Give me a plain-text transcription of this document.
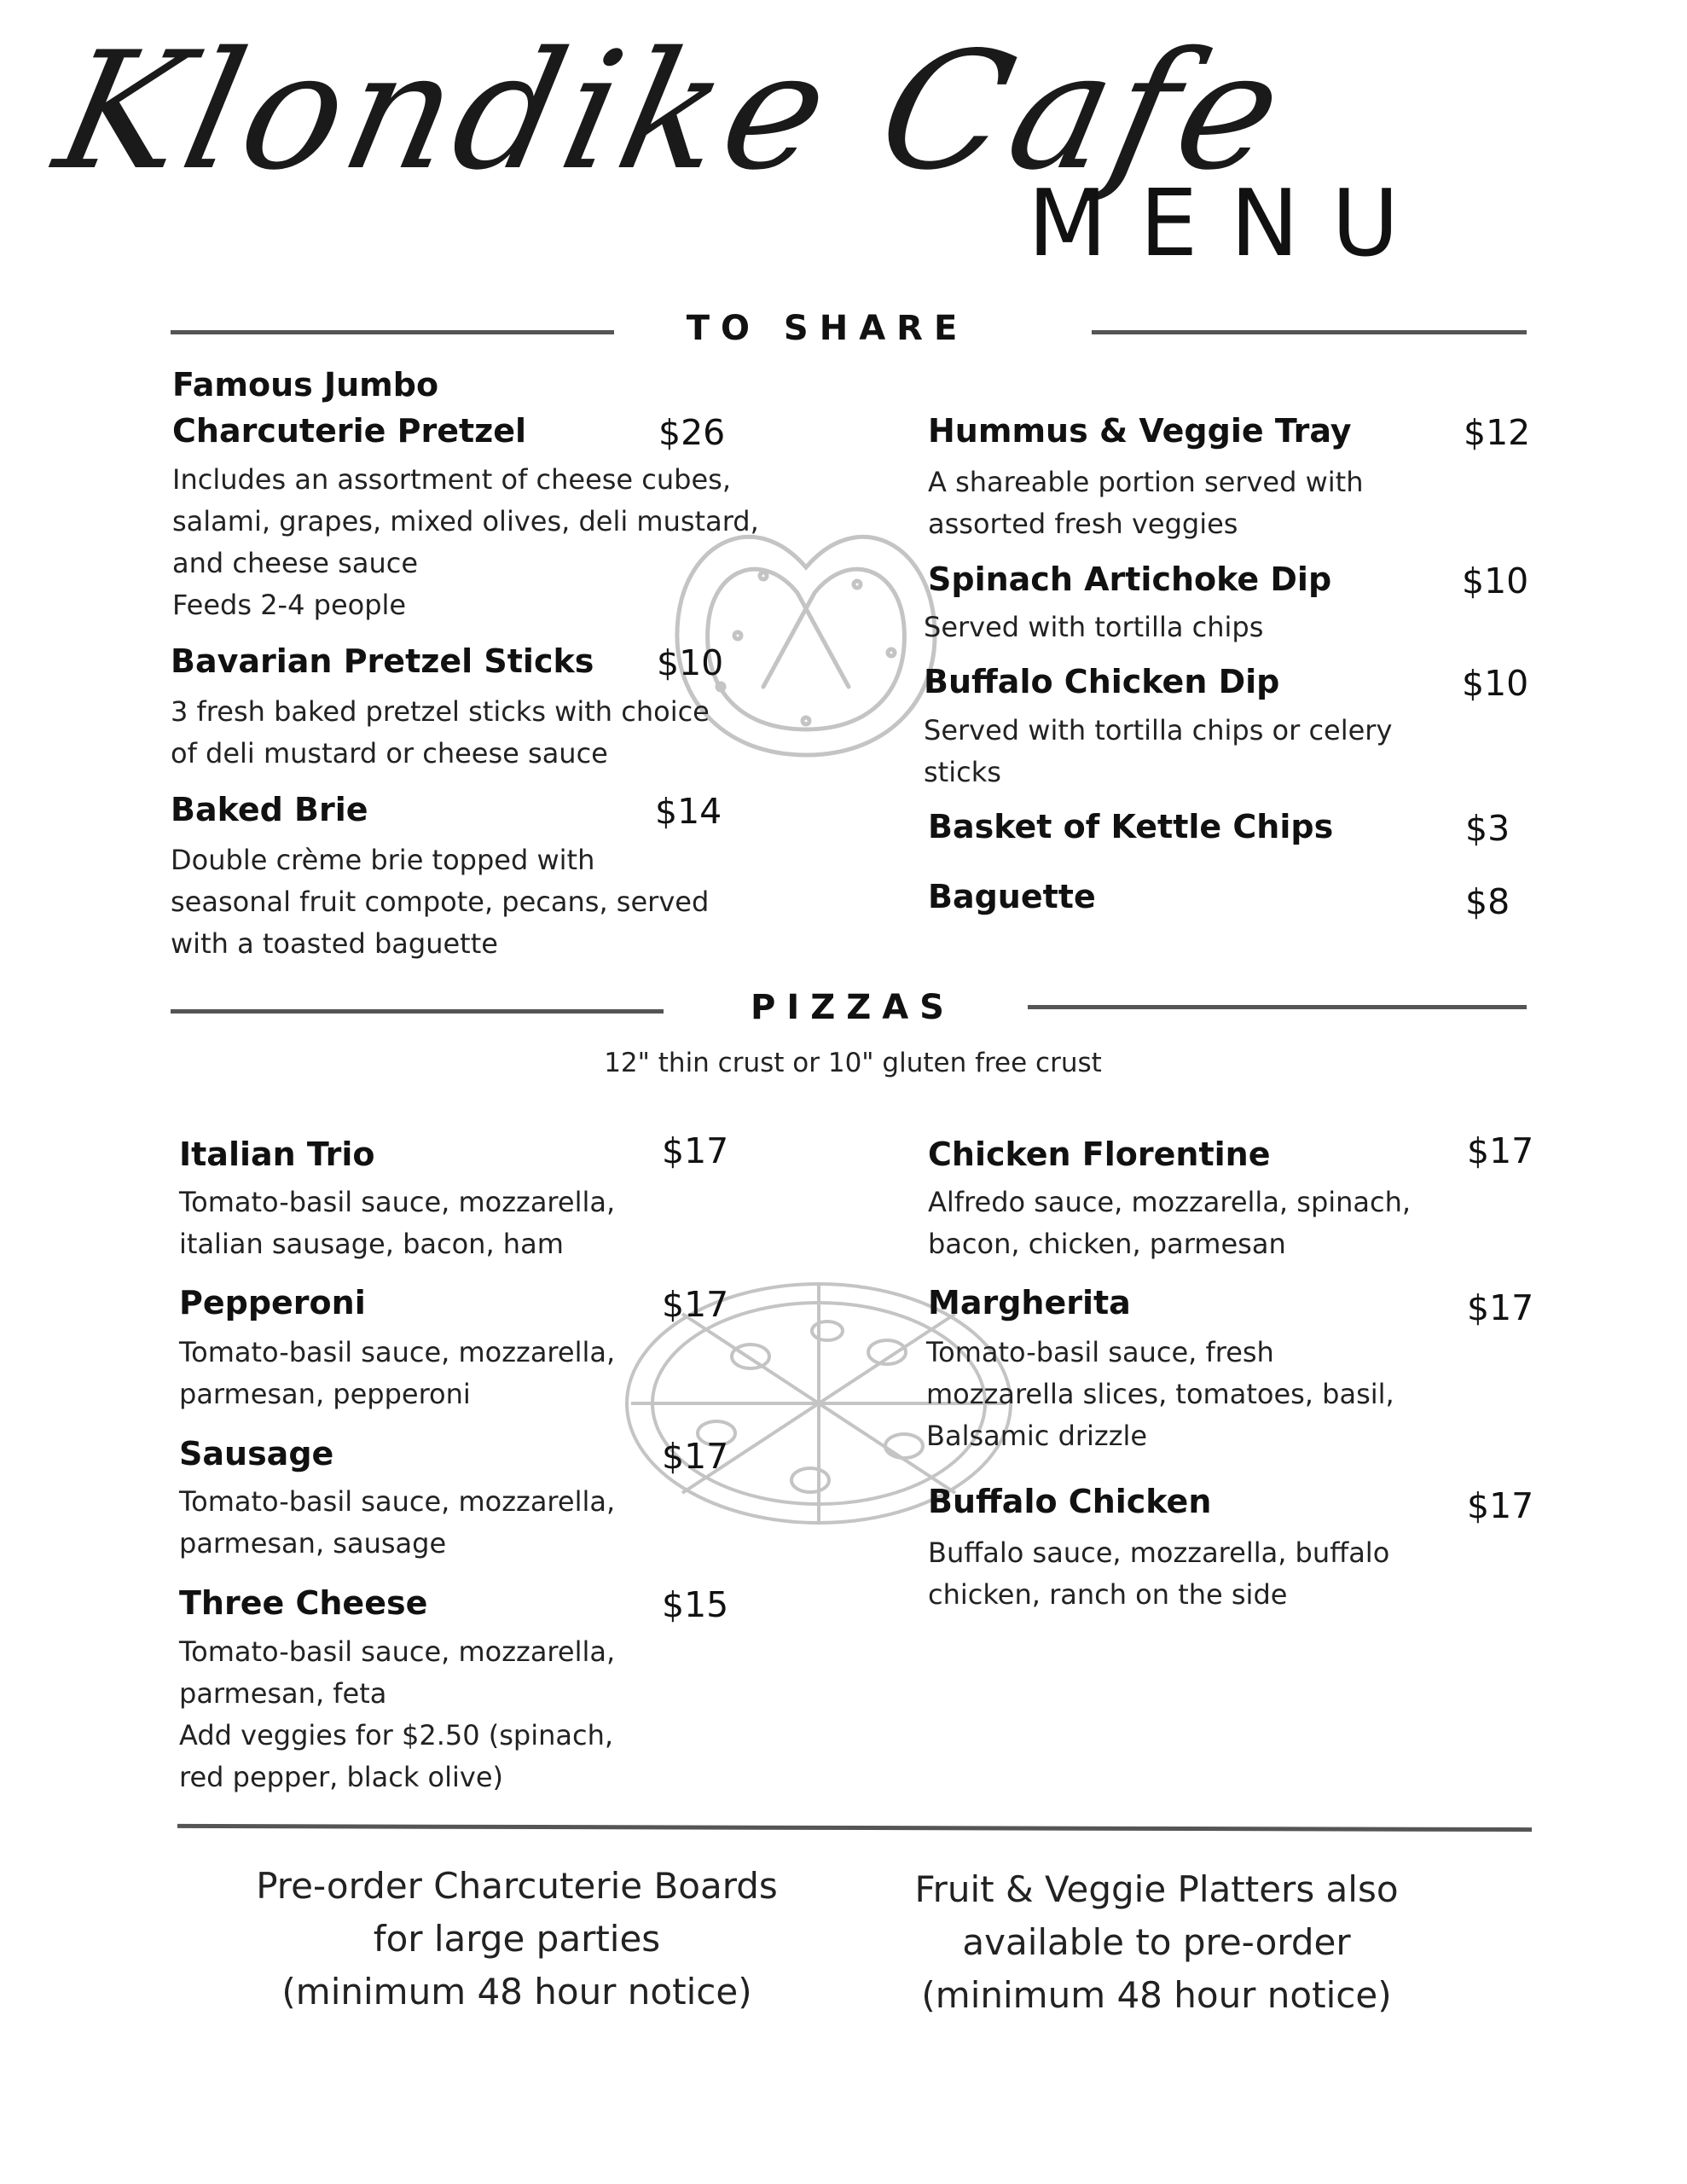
Klondike Cafe
MENU
TO SHARE
Famous Jumbo
Charcuterie Pretzel	$26
Includes an assortment of cheese cubes,
salami, grapes, mixed olives, deli mustard,
and cheese sauce
Feeds 2-4 people
Bavarian Pretzel Sticks $10
3 fresh baked pretzel sticks with choice
of deli mustard or cheese sauce
Baked Brie	$14
Double crème brie topped with
seasonal fruit compote, pecans, served
with a toasted baguette
Hummus & Veggie Tray	$12
A shareable portion served with
assorted fresh veggies
Spinach Artichoke Dip	$10
Served with tortilla chips
Buffalo Chicken Dip	$10
Served with tortilla chips or celery
sticks
Basket of Kettle Chips	$3
Baguette	$8
PIZZAS
12" thin crust or 10" gluten free crust
Italian Trio	$17
Tomato-basil sauce, mozzarella,
italian sausage, bacon, ham
Pepperoni	$17
Tomato-basil sauce, mozzarella,
parmesan, pepperoni
Sausage	$17
Tomato-basil sauce, mozzarella,
parmesan, sausage
Three Cheese	$15
Tomato-basil sauce, mozzarella,
parmesan, feta
Add veggies for $2.50 (spinach,
red pepper, black olive)
Chicken Florentine	$17
Alfredo sauce, mozzarella, spinach,
bacon, chicken, parmesan
Margherita	$17
Tomato-basil sauce, fresh
mozzarella slices, tomatoes, basil,
Balsamic drizzle
Buffalo Chicken	$17
Buffalo sauce, mozzarella, buffalo
chicken, ranch on the side
Pre-order Charcuterie Boards
for large parties
(minimum 48 hour notice)
Fruit & Veggie Platters also
available to pre-order
(minimum 48 hour notice)
